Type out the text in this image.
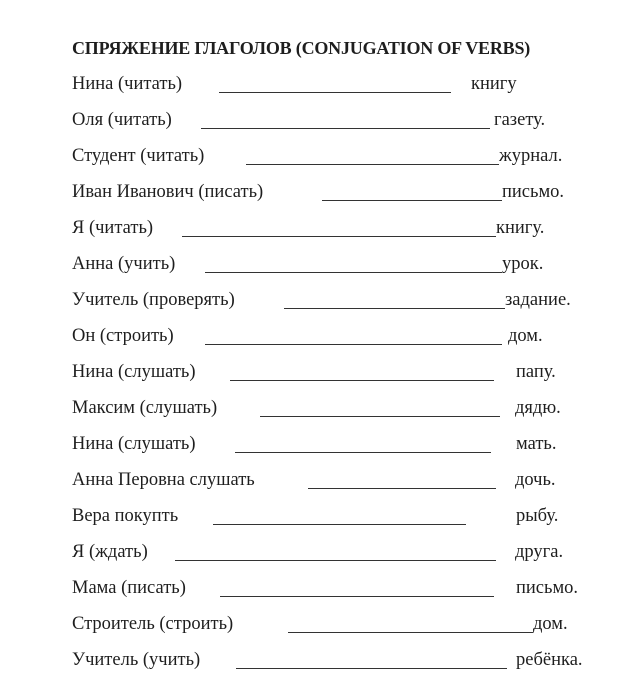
СПРЯЖЕНИЕ ГЛАГОЛОВ (CONJUGATION OF VERBS)
Нина (читать)	книгу
Оля (читать)	газету.
Студент (читать)	журнал.
Иван Иванович (писать)	письмо.
Я (читать)	книгу.
Анна (учить)	урок.
Учитель (проверять)	задание.
Он (строить)	дом.
Нина (слушать)	папу.
Максим (слушать)	дядю.
Нина (слушать)	мать.
Анна Перовна слушать	дочь.
Вера покупть	рыбу.
Я (ждать)	друга.
Мама (писать)	письмо.
Строитель (строить)	дом.
Учитель (учить)	ребёнка.
